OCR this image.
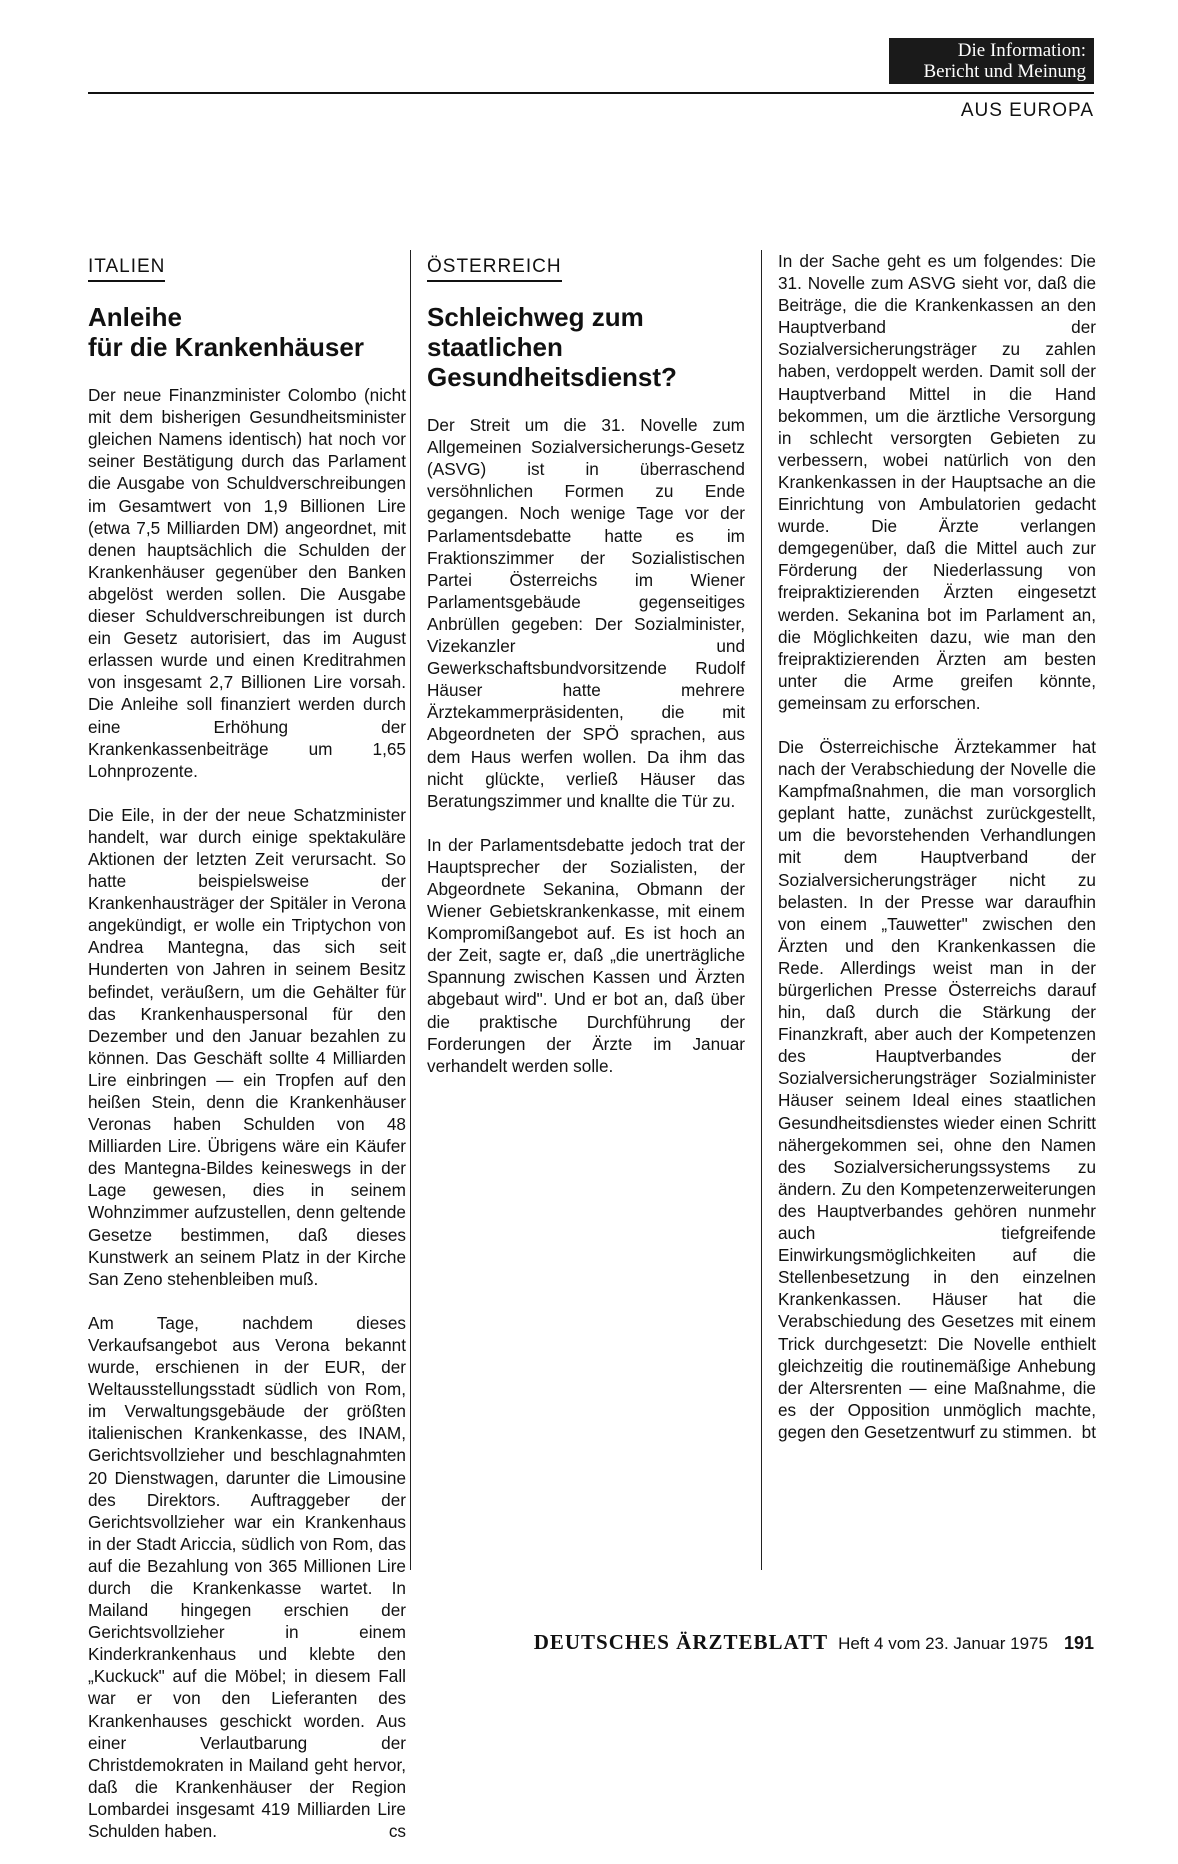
Die Information:
Bericht und Meinung
AUS EUROPA
ITALIEN
Anleihe
für die Krankenhäuser

Der neue Finanzminister Colombo (nicht mit dem bisherigen Gesundheitsminister gleichen Namens identisch) hat noch vor seiner Bestätigung durch das Parlament die Ausgabe von Schuldverschreibungen im Gesamtwert von 1,9 Billionen Lire (etwa 7,5 Milliarden DM) angeordnet, mit denen hauptsächlich die Schulden der Krankenhäuser gegenüber den Banken abgelöst werden sollen. Die Ausgabe dieser Schuldverschreibungen ist durch ein Gesetz autorisiert, das im August erlassen wurde und einen Kreditrahmen von insgesamt 2,7 Billionen Lire vorsah. Die Anleihe soll finanziert werden durch eine Erhöhung der Krankenkassenbeiträge um 1,65 Lohnprozente.

Die Eile, in der der neue Schatzminister handelt, war durch einige spektakuläre Aktionen der letzten Zeit verursacht. So hatte beispielsweise der Krankenhausträger der Spitäler in Verona angekündigt, er wolle ein Triptychon von Andrea Mantegna, das sich seit Hunderten von Jahren in seinem Besitz befindet, veräußern, um die Gehälter für das Krankenhauspersonal für den Dezember und den Januar bezahlen zu können. Das Geschäft sollte 4 Milliarden Lire einbringen — ein Tropfen auf den heißen Stein, denn die Krankenhäuser Veronas haben Schulden von 48 Milliarden Lire. Übrigens wäre ein Käufer des Mantegna-Bildes keineswegs in der Lage gewesen, dies in seinem Wohnzimmer aufzustellen, denn geltende Gesetze bestimmen, daß dieses Kunstwerk an seinem Platz in der Kirche San Zeno stehenbleiben muß.

Am Tage, nachdem dieses Verkaufsangebot aus Verona bekannt wurde, erschienen in der EUR, der Weltausstellungsstadt südlich von Rom, im Verwaltungsgebäude der größten italienischen Krankenkasse, des INAM, Gerichtsvollzieher und beschlagnahmten 20 Dienstwagen, darunter die Limousine des Direktors. Auftraggeber der Gerichtsvollzieher war ein Krankenhaus in der Stadt Ariccia, südlich von Rom, das auf die Bezahlung von 365 Millionen Lire durch die Krankenkasse wartet. In Mailand hingegen erschien der Gerichtsvollzieher in einem Kinderkrankenhaus und klebte den „Kuckuck" auf die Möbel; in diesem Fall war er von den Lieferanten des Krankenhauses geschickt worden. Aus einer Verlautbarung der Christdemokraten in Mailand geht hervor, daß die Krankenhäuser der Region Lombardei insgesamt 419 Milliarden Lire Schulden haben.	cs

ÖSTERREICH
Schleichweg zum
staatlichen
Gesundheitsdienst?

Der Streit um die 31. Novelle zum Allgemeinen Sozialversicherungs-Gesetz (ASVG) ist in überraschend versöhnlichen Formen zu Ende gegangen. Noch wenige Tage vor der Parlamentsdebatte hatte es im Fraktionszimmer der Sozialistischen Partei Österreichs im Wiener Parlamentsgebäude gegenseitiges Anbrüllen gegeben: Der Sozialminister, Vizekanzler und Gewerkschaftsbundvorsitzende Rudolf Häuser hatte mehrere Ärztekammerpräsidenten, die mit Abgeordneten der SPÖ sprachen, aus dem Haus werfen wollen. Da ihm das nicht glückte, verließ Häuser das Beratungszimmer und knallte die Tür zu.

In der Parlamentsdebatte jedoch trat der Hauptsprecher der Sozialisten, der Abgeordnete Sekanina, Obmann der Wiener Gebietskrankenkasse, mit einem Kompromißangebot auf. Es ist hoch an der Zeit, sagte er, daß „die unerträgliche Spannung zwischen Kassen und Ärzten abgebaut wird". Und er bot an, daß über die praktische Durchführung der Forderungen der Ärzte im Januar verhandelt werden solle.

In der Sache geht es um folgendes: Die 31. Novelle zum ASVG sieht vor, daß die Beiträge, die die Krankenkassen an den Hauptverband der Sozialversicherungsträger zu zahlen haben, verdoppelt werden. Damit soll der Hauptverband Mittel in die Hand bekommen, um die ärztliche Versorgung in schlecht versorgten Gebieten zu verbessern, wobei natürlich von den Krankenkassen in der Hauptsache an die Einrichtung von Ambulatorien gedacht wurde. Die Ärzte verlangen demgegenüber, daß die Mittel auch zur Förderung der Niederlassung von freipraktizierenden Ärzten eingesetzt werden. Sekanina bot im Parlament an, die Möglichkeiten dazu, wie man den freipraktizierenden Ärzten am besten unter die Arme greifen könnte, gemeinsam zu erforschen.

Die Österreichische Ärztekammer hat nach der Verabschiedung der Novelle die Kampfmaßnahmen, die man vorsorglich geplant hatte, zunächst zurückgestellt, um die bevorstehenden Verhandlungen mit dem Hauptverband der Sozialversicherungsträger nicht zu belasten. In der Presse war daraufhin von einem „Tauwetter" zwischen den Ärzten und den Krankenkassen die Rede. Allerdings weist man in der bürgerlichen Presse Österreichs darauf hin, daß durch die Stärkung der Finanzkraft, aber auch der Kompetenzen des Hauptverbandes der Sozialversicherungsträger Sozialminister Häuser seinem Ideal eines staatlichen Gesundheitsdienstes wieder einen Schritt nähergekommen sei, ohne den Namen des Sozialversicherungssystems zu ändern. Zu den Kompetenzerweiterungen des Hauptverbandes gehören nunmehr auch tiefgreifende Einwirkungsmöglichkeiten auf die Stellenbesetzung in den einzelnen Krankenkassen. Häuser hat die Verabschiedung des Gesetzes mit einem Trick durchgesetzt: Die Novelle enthielt gleichzeitig die routinemäßige Anhebung der Altersrenten — eine Maßnahme, die es der Opposition unmöglich machte, gegen den Gesetzentwurf zu stimmen. bt

DEUTSCHES ÄRZTEBLATT Heft 4 vom 23. Januar 1975 191
